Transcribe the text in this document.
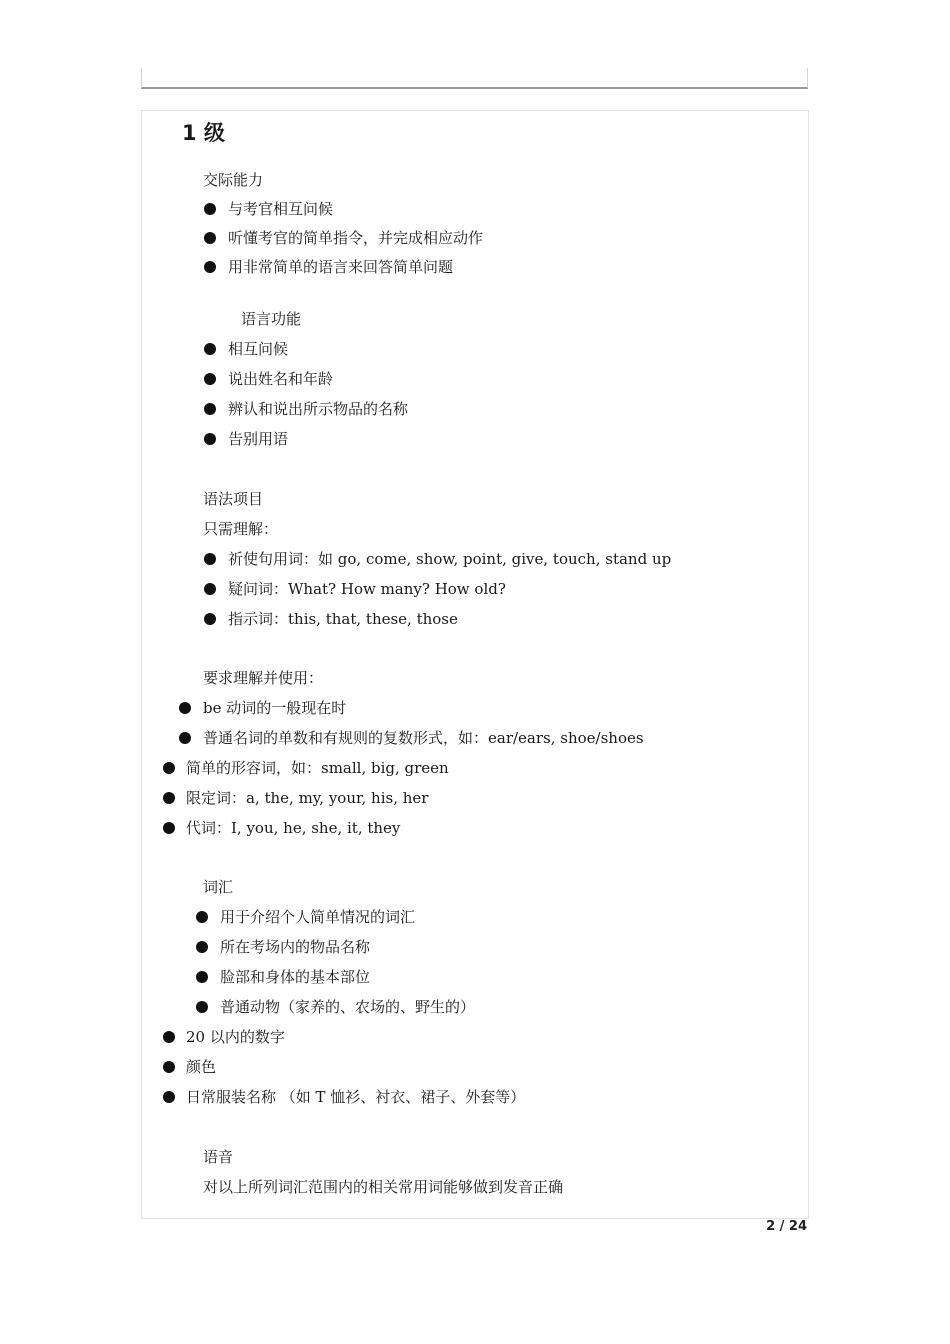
1 级
交际能力
与考官相互问候
听懂考官的简单指令，并完成相应动作
用非常简单的语言来回答简单问题
语言功能
相互问候
说出姓名和年龄
辨认和说出所示物品的名称
告别用语
语法项目
只需理解：
祈使句用词：如 go, come, show, point, give, touch, stand up
疑问词：What? How many? How old?
指示词：this, that, these, those
要求理解并使用：
be 动词的一般现在时
普通名词的单数和有规则的复数形式，如：ear/ears, shoe/shoes
简单的形容词，如：small, big, green
限定词：a, the, my, your, his, her
代词：I, you, he, she, it, they
词汇
用于介绍个人简单情况的词汇
所在考场内的物品名称
脸部和身体的基本部位
普通动物（家养的、农场的、野生的）
20 以内的数字
颜色
日常服装名称 （如 T 恤衫、衬衣、裙子、外套等）
语音
对以上所列词汇范围内的相关常用词能够做到发音正确
2 / 24
